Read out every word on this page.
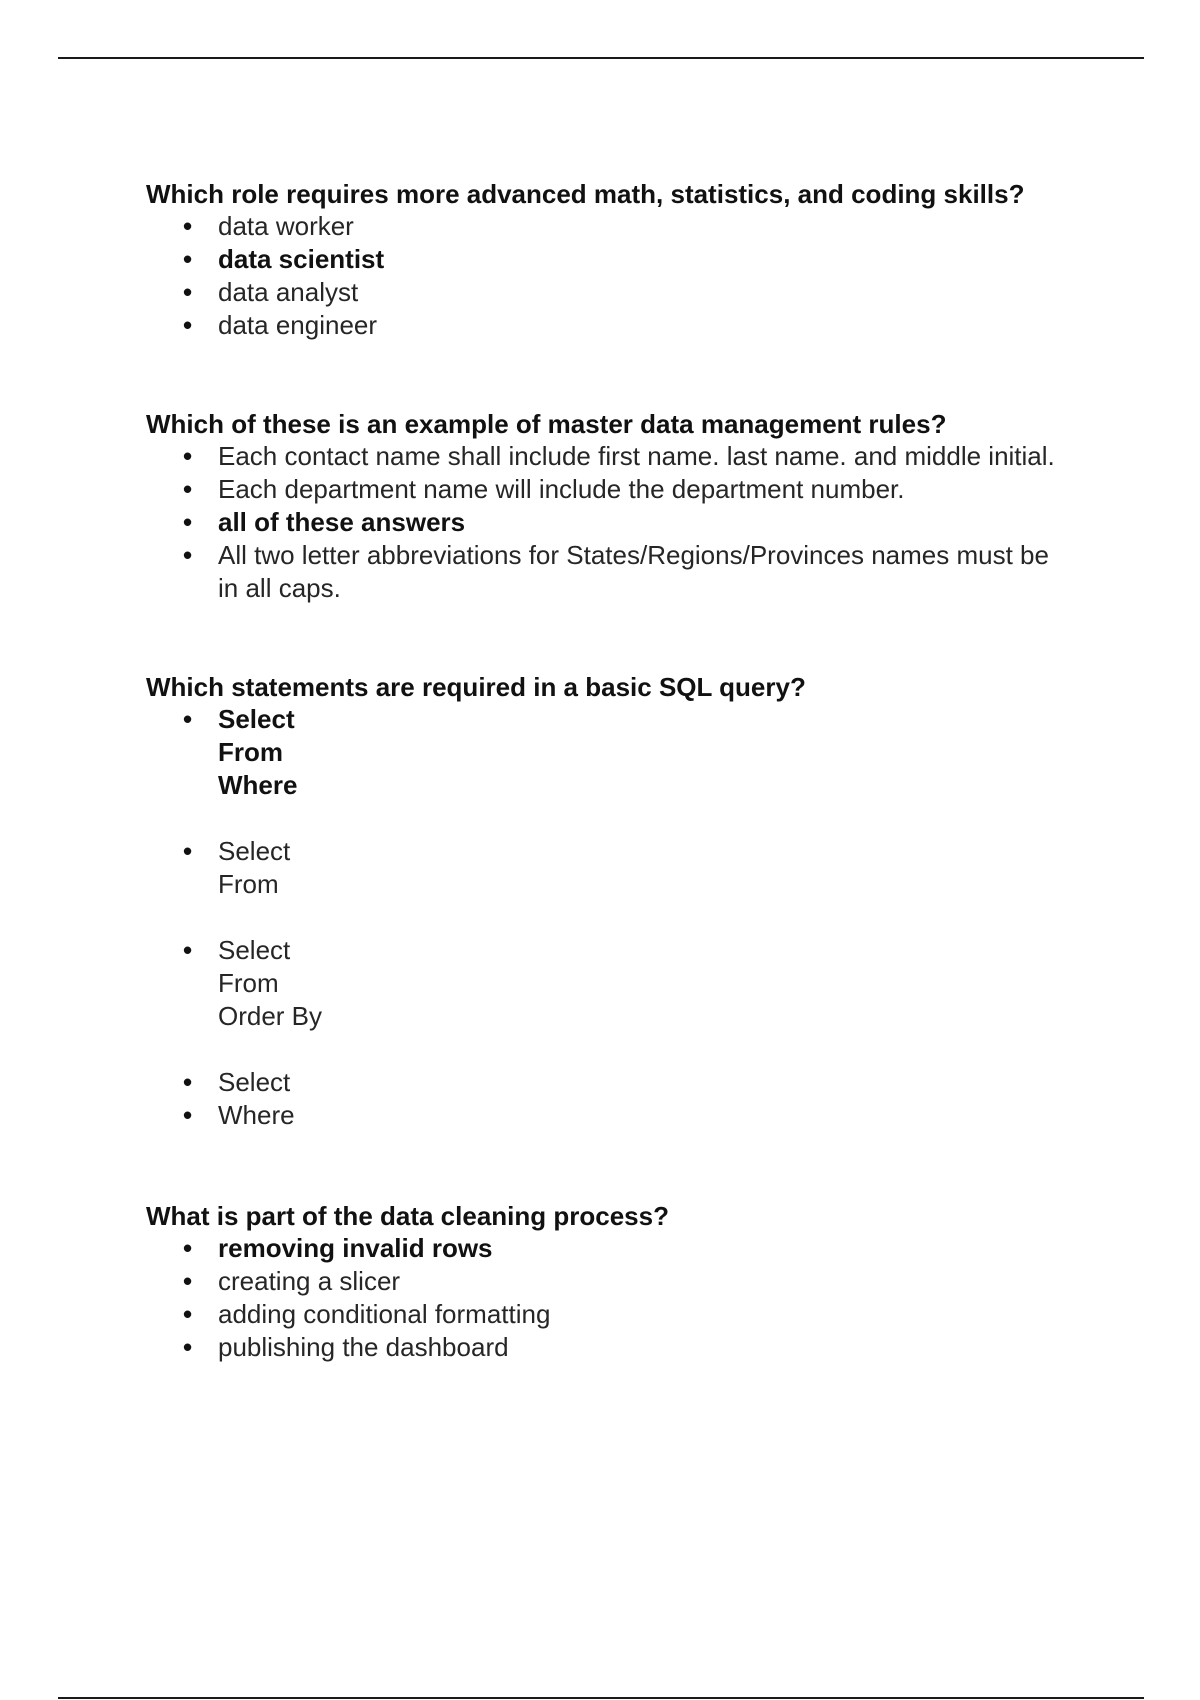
Which role requires more advanced math, statistics, and coding skills?

• data worker
• data scientist
• data analyst
• data engineer

Which of these is an example of master data management rules?

• Each contact name shall include first name. last name. and middle initial.
• Each department name will include the department number.
• all of these answers
• All two letter abbreviations for States/Regions/Provinces names must be in all caps.

Which statements are required in a basic SQL query?

• Select
From
Where
• Select
From
• Select
From
Order By
• Select
• Where

What is part of the data cleaning process?

• removing invalid rows
• creating a slicer
• adding conditional formatting
• publishing the dashboard
